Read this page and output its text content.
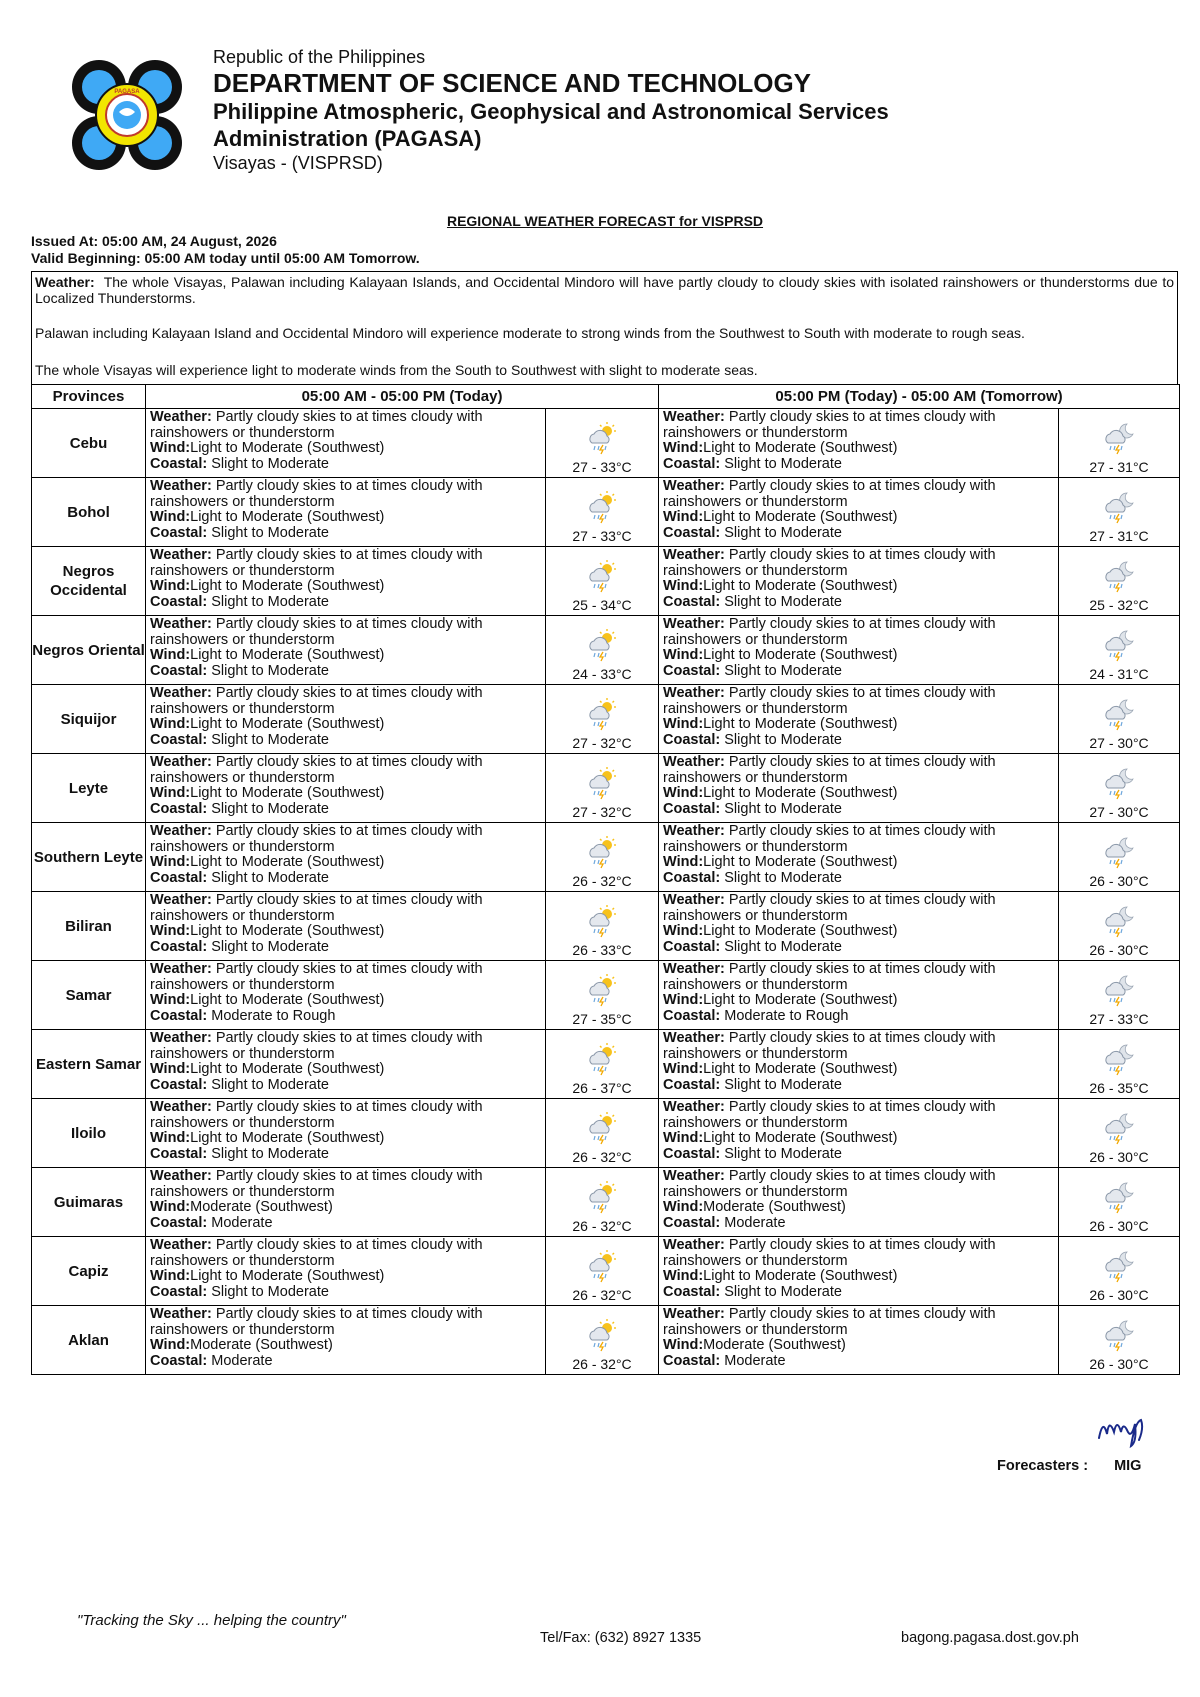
PAGASA
Republic of the Philippines
DEPARTMENT OF SCIENCE AND TECHNOLOGY
Philippine Atmospheric, Geophysical and Astronomical Services
Administration (PAGASA)
Visayas - (VISPRSD)
REGIONAL WEATHER FORECAST for VISPRSD
Issued At: 05:00 AM, 24 August, 2026
Valid Beginning: 05:00 AM today until 05:00 AM Tomorrow.

Weather: The whole Visayas, Palawan including Kalayaan Islands, and Occidental Mindoro will have partly cloudy to cloudy skies with isolated rainshowers or thunderstorms due to Localized Thunderstorms.

Palawan including Kalayaan Island and Occidental Mindoro will experience moderate to strong winds from the Southwest to South with moderate to rough seas.

The whole Visayas will experience light to moderate winds from the South to Southwest with slight to moderate seas.

Provinces	05:00 AM - 05:00 PM (Today)		05:00 PM (Today) - 05:00 AM (Tomorrow)	
Cebu	Weather: Partly cloudy skies to at times cloudy with rainshowers or thunderstorm
Wind:Light to Moderate (Southwest)
Coastal: Slight to Moderate	27 - 33°C	Weather: Partly cloudy skies to at times cloudy with rainshowers or thunderstorm
Wind:Light to Moderate (Southwest)
Coastal: Slight to Moderate	27 - 31°C

Bohol	Weather: Partly cloudy skies to at times cloudy with rainshowers or thunderstorm
Wind:Light to Moderate (Southwest)
Coastal: Slight to Moderate	27 - 33°C	Weather: Partly cloudy skies to at times cloudy with rainshowers or thunderstorm
Wind:Light to Moderate (Southwest)
Coastal: Slight to Moderate	27 - 31°C

Negros Occidental	Weather: Partly cloudy skies to at times cloudy with rainshowers or thunderstorm
Wind:Light to Moderate (Southwest)
Coastal: Slight to Moderate	25 - 34°C	Weather: Partly cloudy skies to at times cloudy with rainshowers or thunderstorm
Wind:Light to Moderate (Southwest)
Coastal: Slight to Moderate	25 - 32°C

Negros Oriental	Weather: Partly cloudy skies to at times cloudy with rainshowers or thunderstorm
Wind:Light to Moderate (Southwest)
Coastal: Slight to Moderate	24 - 33°C	Weather: Partly cloudy skies to at times cloudy with rainshowers or thunderstorm
Wind:Light to Moderate (Southwest)
Coastal: Slight to Moderate	24 - 31°C

Siquijor	Weather: Partly cloudy skies to at times cloudy with rainshowers or thunderstorm
Wind:Light to Moderate (Southwest)
Coastal: Slight to Moderate	27 - 32°C	Weather: Partly cloudy skies to at times cloudy with rainshowers or thunderstorm
Wind:Light to Moderate (Southwest)
Coastal: Slight to Moderate	27 - 30°C

Leyte	Weather: Partly cloudy skies to at times cloudy with rainshowers or thunderstorm
Wind:Light to Moderate (Southwest)
Coastal: Slight to Moderate	27 - 32°C	Weather: Partly cloudy skies to at times cloudy with rainshowers or thunderstorm
Wind:Light to Moderate (Southwest)
Coastal: Slight to Moderate	27 - 30°C

Southern Leyte	Weather: Partly cloudy skies to at times cloudy with rainshowers or thunderstorm
Wind:Light to Moderate (Southwest)
Coastal: Slight to Moderate	26 - 32°C	Weather: Partly cloudy skies to at times cloudy with rainshowers or thunderstorm
Wind:Light to Moderate (Southwest)
Coastal: Slight to Moderate	26 - 30°C

Biliran	Weather: Partly cloudy skies to at times cloudy with rainshowers or thunderstorm
Wind:Light to Moderate (Southwest)
Coastal: Slight to Moderate	26 - 33°C	Weather: Partly cloudy skies to at times cloudy with rainshowers or thunderstorm
Wind:Light to Moderate (Southwest)
Coastal: Slight to Moderate	26 - 30°C

Samar	Weather: Partly cloudy skies to at times cloudy with rainshowers or thunderstorm
Wind:Light to Moderate (Southwest)
Coastal: Moderate to Rough	27 - 35°C	Weather: Partly cloudy skies to at times cloudy with rainshowers or thunderstorm
Wind:Light to Moderate (Southwest)
Coastal: Moderate to Rough	27 - 33°C

Eastern Samar	Weather: Partly cloudy skies to at times cloudy with rainshowers or thunderstorm
Wind:Light to Moderate (Southwest)
Coastal: Slight to Moderate	26 - 37°C	Weather: Partly cloudy skies to at times cloudy with rainshowers or thunderstorm
Wind:Light to Moderate (Southwest)
Coastal: Slight to Moderate	26 - 35°C

Iloilo	Weather: Partly cloudy skies to at times cloudy with rainshowers or thunderstorm
Wind:Light to Moderate (Southwest)
Coastal: Slight to Moderate	26 - 32°C	Weather: Partly cloudy skies to at times cloudy with rainshowers or thunderstorm
Wind:Light to Moderate (Southwest)
Coastal: Slight to Moderate	26 - 30°C

Guimaras	Weather: Partly cloudy skies to at times cloudy with rainshowers or thunderstorm
Wind:Moderate (Southwest)
Coastal: Moderate	26 - 32°C	Weather: Partly cloudy skies to at times cloudy with rainshowers or thunderstorm
Wind:Moderate (Southwest)
Coastal: Moderate	26 - 30°C

Capiz	Weather: Partly cloudy skies to at times cloudy with rainshowers or thunderstorm
Wind:Light to Moderate (Southwest)
Coastal: Slight to Moderate	26 - 32°C	Weather: Partly cloudy skies to at times cloudy with rainshowers or thunderstorm
Wind:Light to Moderate (Southwest)
Coastal: Slight to Moderate	26 - 30°C

Aklan	Weather: Partly cloudy skies to at times cloudy with rainshowers or thunderstorm
Wind:Moderate (Southwest)
Coastal: Moderate	26 - 32°C	Weather: Partly cloudy skies to at times cloudy with rainshowers or thunderstorm
Wind:Moderate (Southwest)
Coastal: Moderate	26 - 30°C
Forecasters : MIG
"Tracking the Sky ... helping the country"
Tel/Fax: (632) 8927 1335	bagong.pagasa.dost.gov.ph
